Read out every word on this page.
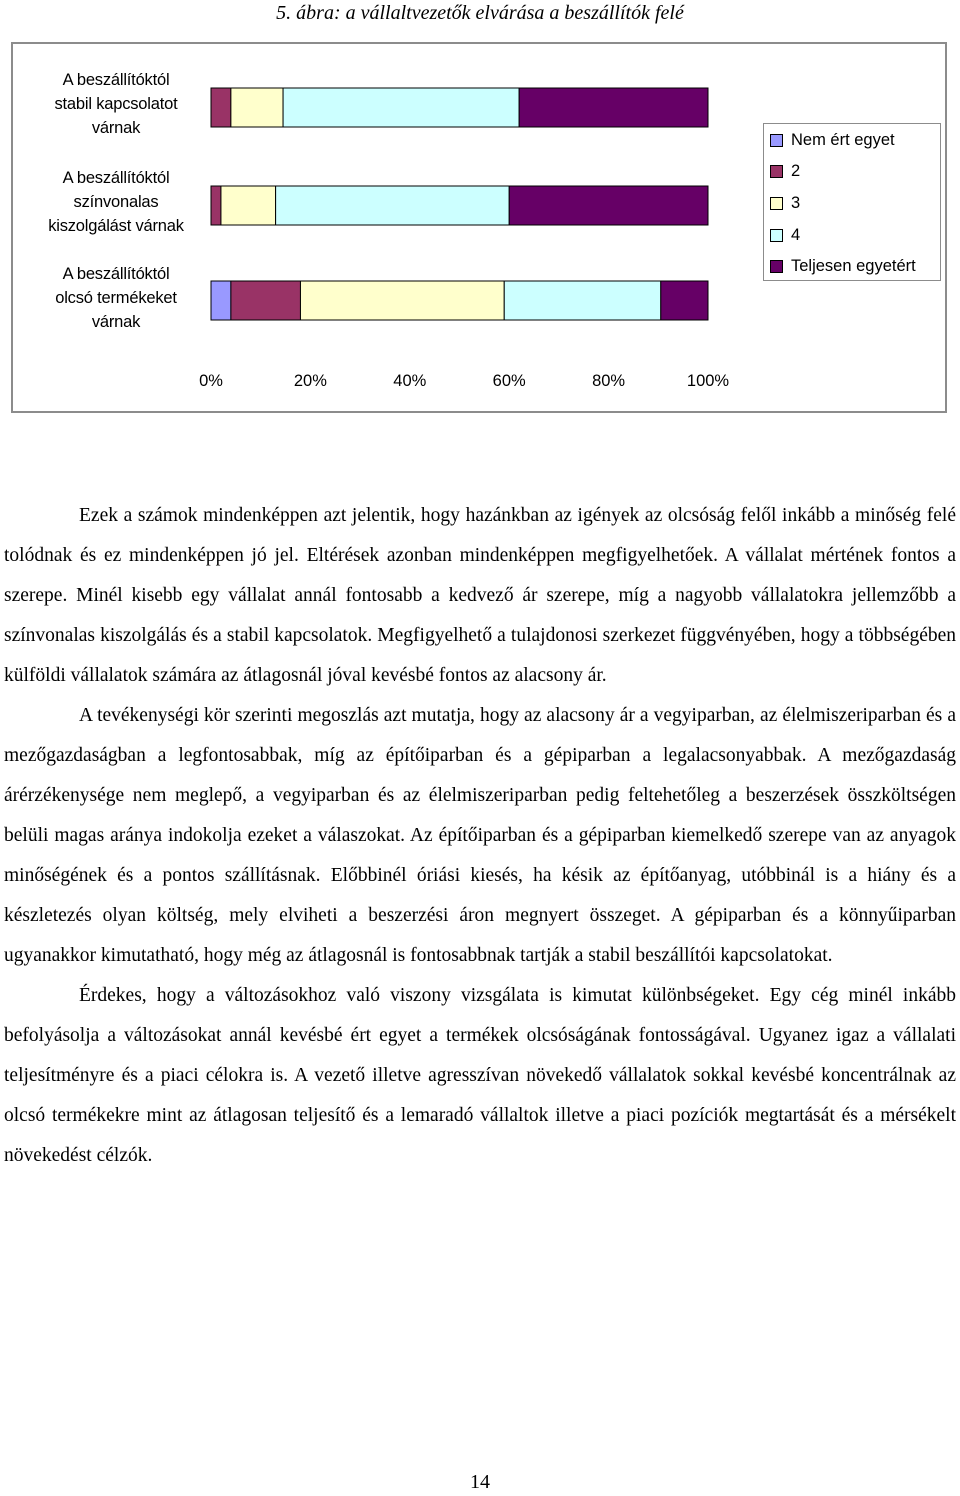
5. ábra: a vállaltvezetők elvárása a beszállítók felé
0%	20%	40%	60%	80%	100%
A beszállítóktól
stabil kapcsolatot
várnak
A beszállítóktól
színvonalas
kiszolgálást várnak
A beszállítóktól
olcsó termékeket
várnak
Nem ért egyet
2
3
4
Teljesen egyetért

Ezek a számok mindenképpen azt jelentik, hogy hazánkban az igények az olcsóság felől inkább a minőség felé tolódnak és ez mindenképpen jó jel. Eltérések azonban mindenképpen megfigyelhetőek. A vállalat mértének fontos a szerepe. Minél kisebb egy vállalat annál fontosabb a kedvező ár szerepe, míg a nagyobb vállalatokra jellemzőbb a színvonalas kiszolgálás és a stabil kapcsolatok. Megfigyelhető a tulajdonosi szerkezet függvényében, hogy a többségében külföldi vállalatok számára az átlagosnál jóval kevésbé fontos az alacsony ár.

A tevékenységi kör szerinti megoszlás azt mutatja, hogy az alacsony ár a vegyiparban, az élelmiszeriparban és a mezőgazdaságban a legfontosabbak, míg az építőiparban és a gépiparban a legalacsonyabbak. A mezőgazdaság árérzékenysége nem meglepő, a vegyiparban és az élelmiszeriparban pedig feltehetőleg a beszerzések összköltségen belüli magas aránya indokolja ezeket a válaszokat. Az építőiparban és a gépiparban kiemelkedő szerepe van az anyagok minőségének és a pontos szállításnak. Előbbinél óriási kiesés, ha késik az építőanyag, utóbbinál is a hiány és a készletezés olyan költség, mely elviheti a beszerzési áron megnyert összeget. A gépiparban és a könnyűiparban ugyanakkor kimutatható, hogy még az átlagosnál is fontosabbnak tartják a stabil beszállítói kapcsolatokat.

Érdekes, hogy a változásokhoz való viszony vizsgálata is kimutat különbségeket. Egy cég minél inkább befolyásolja a változásokat annál kevésbé ért egyet a termékek olcsóságának fontosságával. Ugyanez igaz a vállalati teljesítményre és a piaci célokra is. A vezető illetve agresszívan növekedő vállalatok sokkal kevésbé koncentrálnak az olcsó termékekre mint az átlagosan teljesítő és a lemaradó vállaltok illetve a piaci pozíciók megtartását és a mérsékelt növekedést célzók.

14
